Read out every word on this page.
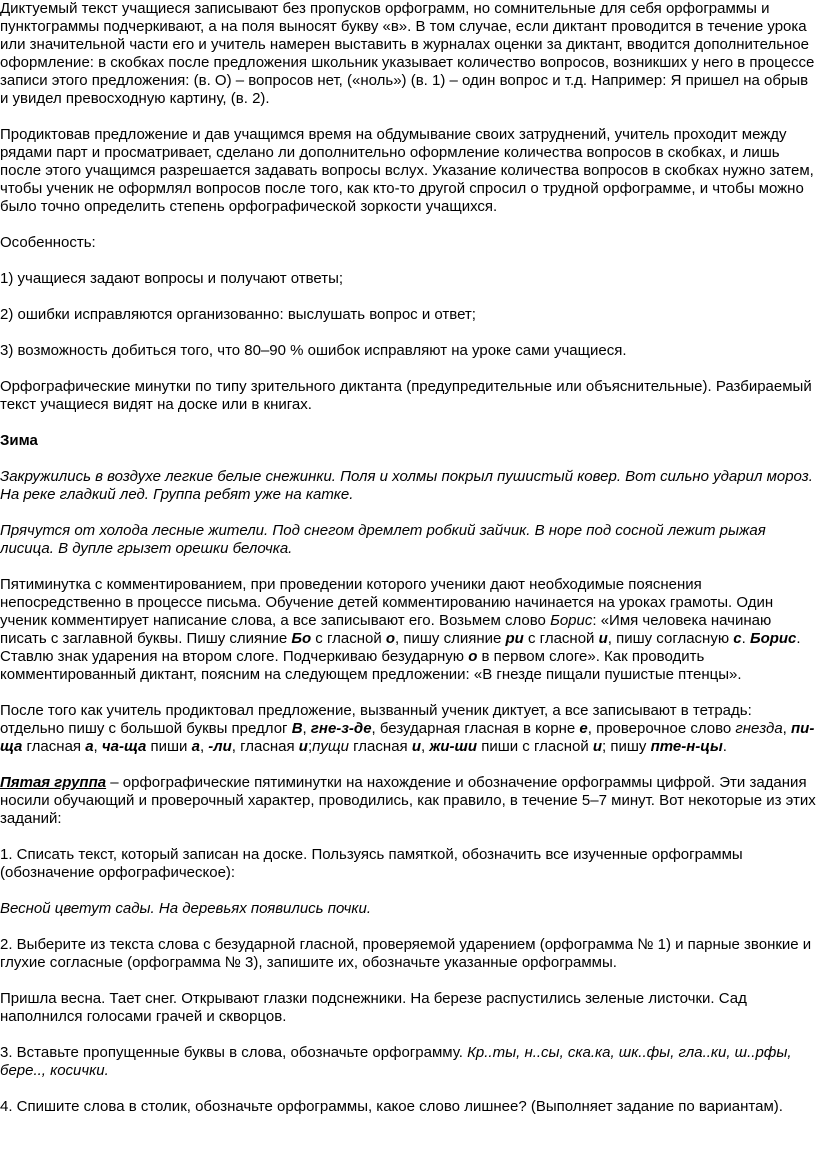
Диктуемый текст учащиеся записывают без пропусков орфограмм, но сомнительные для себя орфограммы и пунктограммы подчеркивают, а на поля выносят букву «в». В том случае, если диктант проводится в течение урока или значительной части его и учитель намерен выставить в журналах оценки за диктант, вводится дополнительное оформление: в скобках после предложения школьник указывает количество вопросов, возникших у него в процессе записи этого предложения: (в. О) – вопросов нет, («ноль») (в. 1) – один вопрос и т.д. Например: Я пришел на обрыв и увидел превосходную картину, (в. 2).

Продиктовав предложение и дав учащимся время на обдумывание своих затруднений, учитель проходит между рядами парт и просматривает, сделано ли дополнительно оформление количества вопросов в скобках, и лишь после этого учащимся разрешается задавать вопросы вслух. Указание количества вопросов в скобках нужно затем, чтобы ученик не оформлял вопросов после того, как кто-то другой спросил о трудной орфограмме, и чтобы можно было точно определить степень орфографической зоркости учащихся.

Особенность:

1) учащиеся задают вопросы и получают ответы;

2) ошибки исправляются организованно: выслушать вопрос и ответ;

3) возможность добиться того, что 80–90 % ошибок исправляют на уроке сами учащиеся.

Орфографические минутки по типу зрительного диктанта (предупредительные или объяснительные). Разбираемый текст учащиеся видят на доске или в книгах.

Зима

Закружились в воздухе легкие белые снежинки. Поля и холмы покрыл пушистый ковер. Вот сильно ударил мороз. На реке гладкий лед. Группа ребят уже на катке.

Прячутся от холода лесные жители. Под снегом дремлет робкий зайчик. В норе под сосной лежит рыжая лисица. В дупле грызет орешки белочка.

Пятиминутка с комментированием, при проведении которого ученики дают необходимые пояснения непосредственно в процессе письма. Обучение детей комментированию начинается на уроках грамоты. Один ученик комментирует написание слова, а все записывают его. Возьмем слово Борис: «Имя человека начинаю писать с заглавной буквы. Пишу слияние Бо с гласной о, пишу слияние ри с гласной и, пишу согласную с. Борис. Ставлю знак ударения на втором слоге. Подчеркиваю безударную о в первом слоге». Как проводить комментированный диктант, поясним на следующем предложении: «В гнезде пищали пушистые птенцы».

После того как учитель продиктовал предложение, вызванный ученик диктует, а все записывают в тетрадь: отдельно пишу с большой буквы предлог В, гне-з-де, безударная гласная в корне е, проверочное слово гнезда, пи-ща гласная а, ча-ща пиши а, -ли, гласная и;пущи гласная и, жи-ши пиши с гласной и; пишу пте-н-цы.

Пятая группа – орфографические пятиминутки на нахождение и обозначение орфограммы цифрой. Эти задания носили обучающий и проверочный характер, проводились, как правило, в течение 5–7 минут. Вот некоторые из этих заданий:

1. Списать текст, который записан на доске. Пользуясь памяткой, обозначить все изученные орфограммы (обозначение орфографическое):

Весной цветут сады. На деревьях появились почки.

2. Выберите из текста слова с безударной гласной, проверяемой ударением (орфограмма № 1) и парные звонкие и глухие согласные (орфограмма № 3), запишите их, обозначьте указанные орфограммы.

Пришла весна. Тает снег. Открывают глазки подснежники. На березе распустились зеленые листочки. Сад наполнился голосами грачей и скворцов.

3. Вставьте пропущенные буквы в слова, обозначьте орфограмму. Кр..ты, н..сы, ска.ка, шк..фы, гла..ки, ш..рфы, бере.., косички.

4. Спишите слова в столик, обозначьте орфограммы, какое слово лишнее? (Выполняет задание по вариантам).
